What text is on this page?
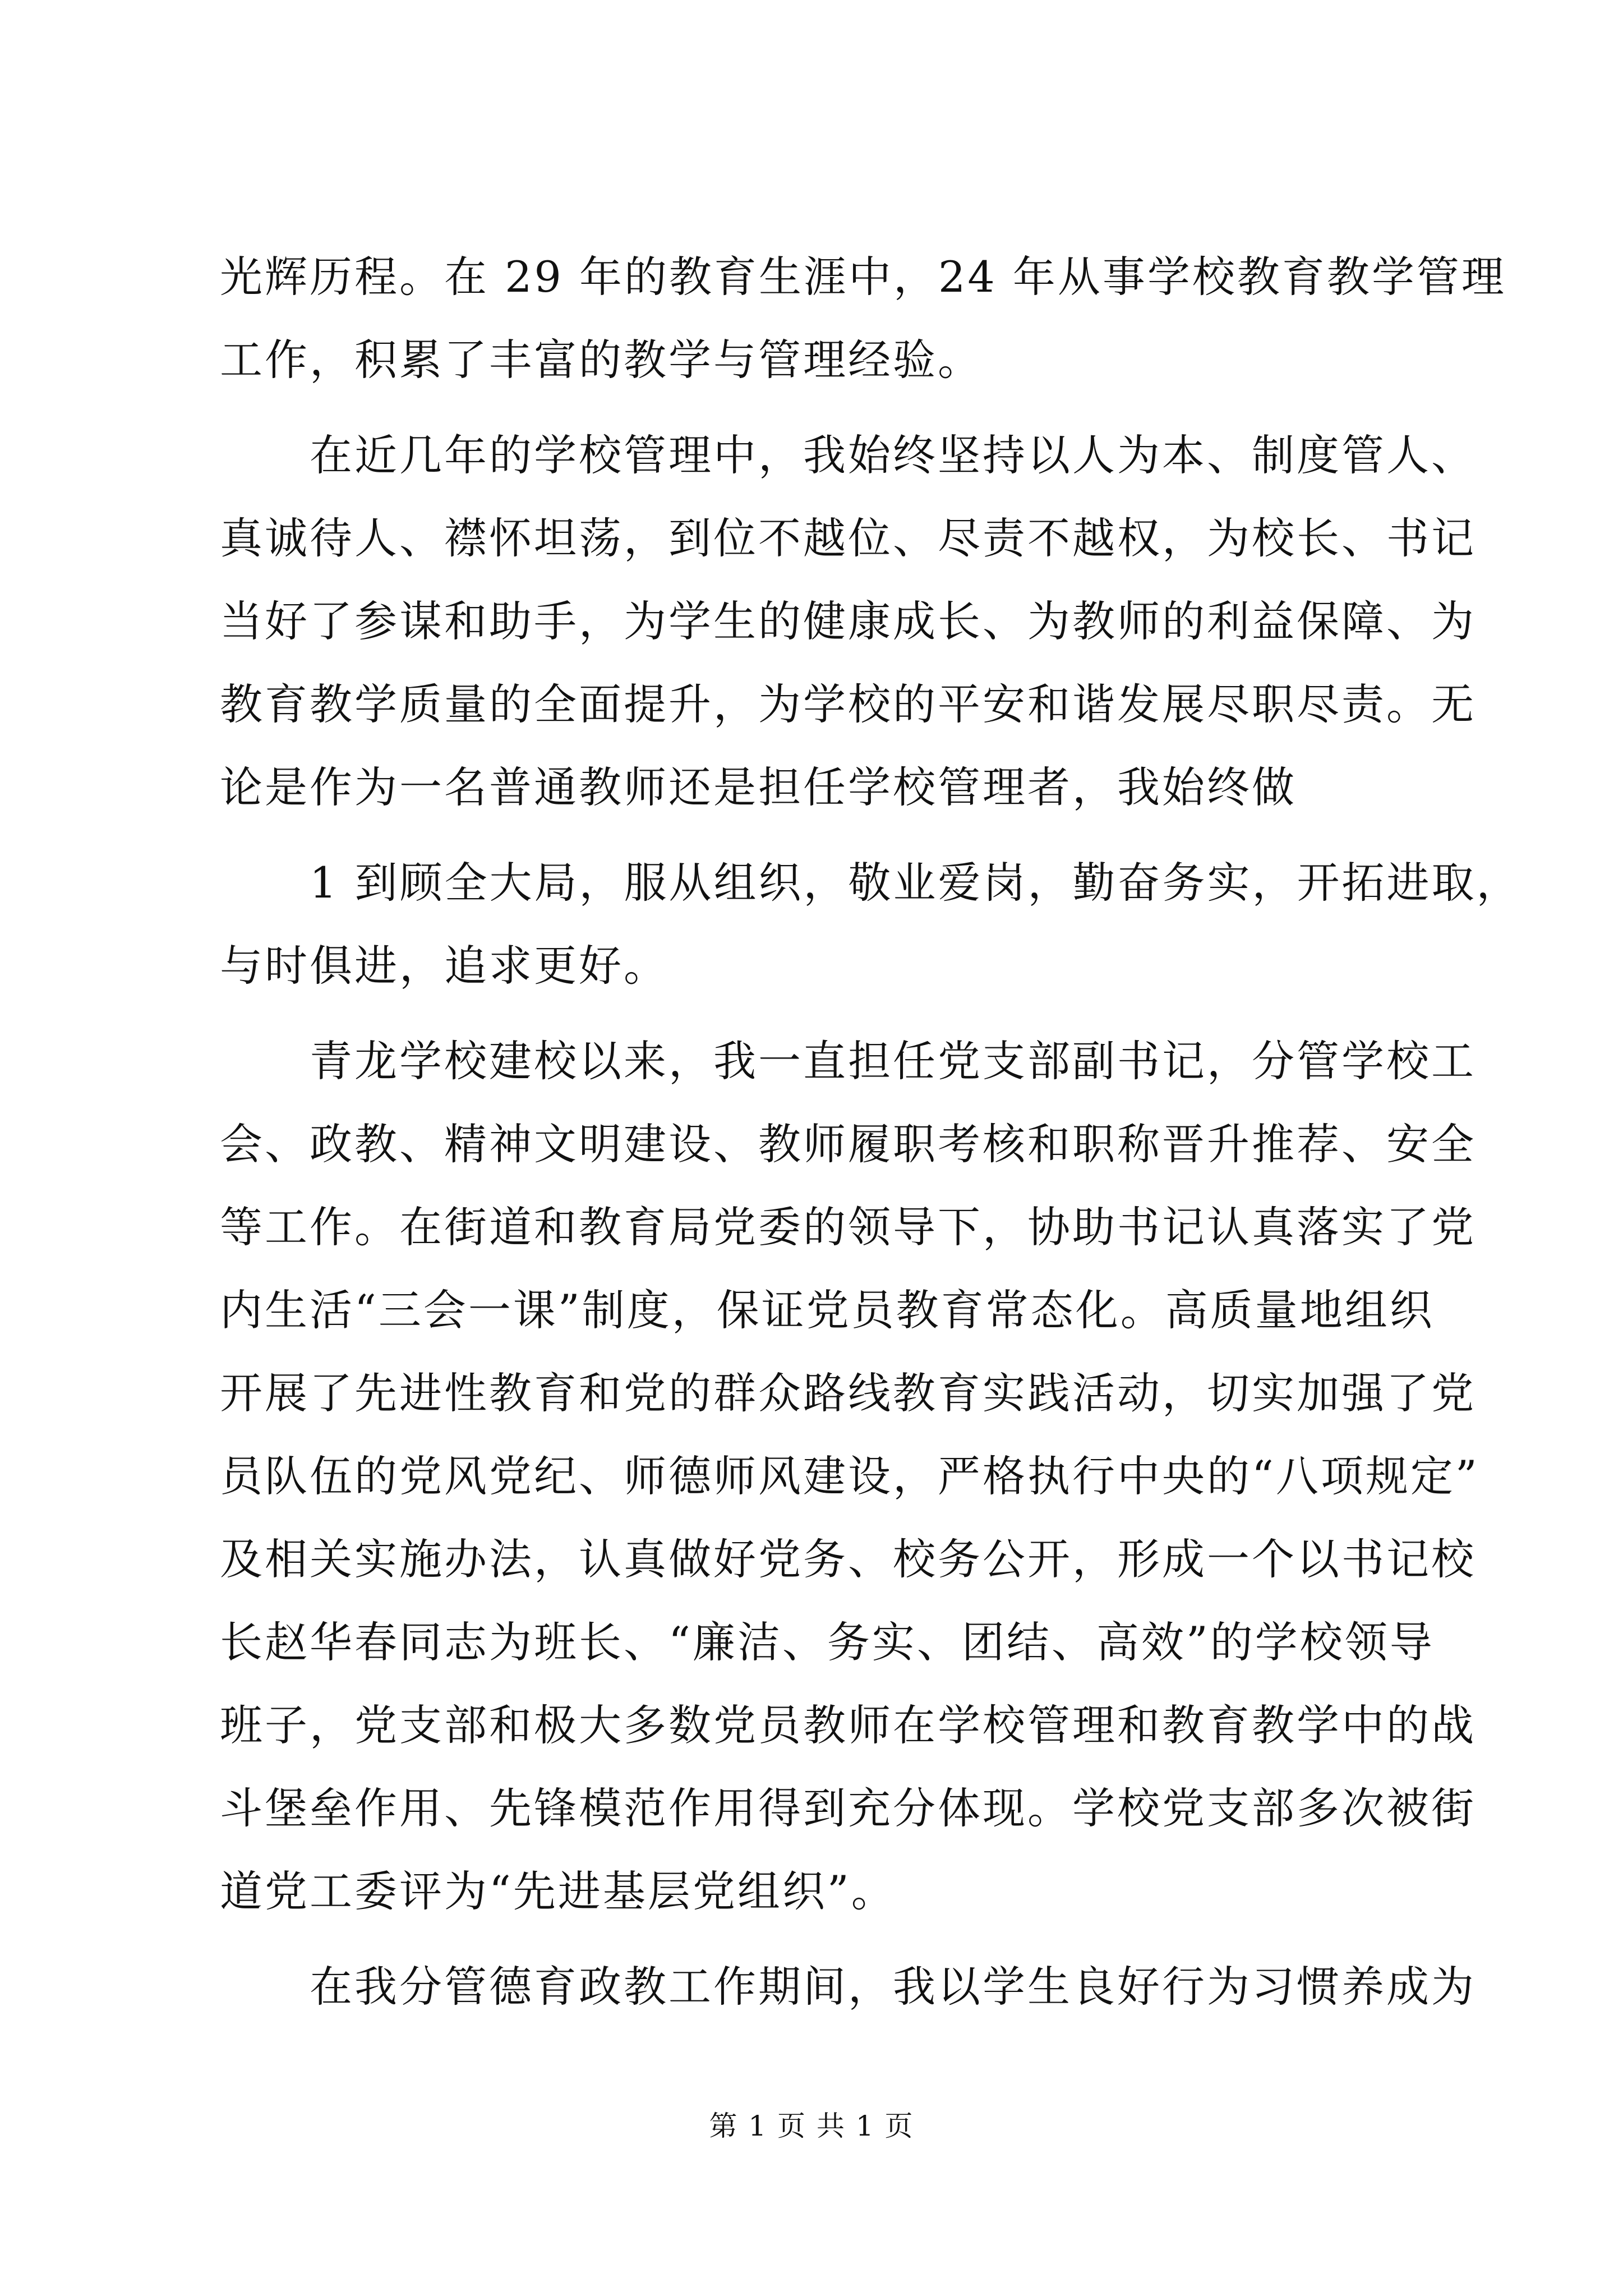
光辉历程。在 29 年的教育生涯中，24 年从事学校教育教学管理
工作，积累了丰富的教学与管理经验。
　　在近几年的学校管理中，我始终坚持以人为本、制度管人、
真诚待人、襟怀坦荡，到位不越位、尽责不越权，为校长、书记
当好了参谋和助手，为学生的健康成长、为教师的利益保障、为
教育教学质量的全面提升，为学校的平安和谐发展尽职尽责。无
论是作为一名普通教师还是担任学校管理者，我始终做
　　1 到顾全大局，服从组织，敬业爱岗，勤奋务实，开拓进取，
与时俱进，追求更好。
　　青龙学校建校以来，我一直担任党支部副书记，分管学校工
会、政教、精神文明建设、教师履职考核和职称晋升推荐、安全
等工作。在街道和教育局党委的领导下，协助书记认真落实了党
内生活“三会一课”制度，保证党员教育常态化。高质量地组织
开展了先进性教育和党的群众路线教育实践活动，切实加强了党
员队伍的党风党纪、师德师风建设，严格执行中央的“八项规定”
及相关实施办法，认真做好党务、校务公开，形成一个以书记校
长赵华春同志为班长、“廉洁、务实、团结、高效”的学校领导
班子，党支部和极大多数党员教师在学校管理和教育教学中的战
斗堡垒作用、先锋模范作用得到充分体现。学校党支部多次被街
道党工委评为“先进基层党组织”。
　　在我分管德育政教工作期间，我以学生良好行为习惯养成为
第 1 页 共 1 页
